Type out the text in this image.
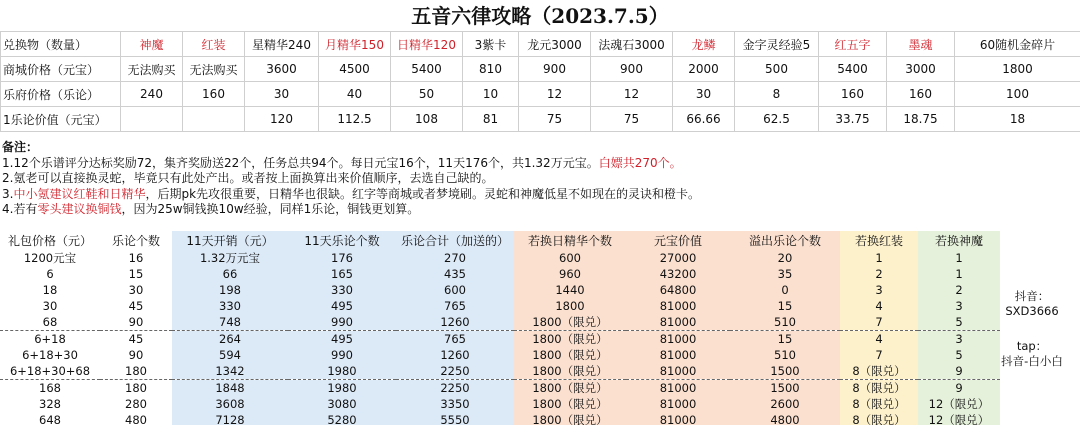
五音六律攻略（2023.7.5）
兑换物（数量）	神魔	红装	星精华240	月精华150	日精华120	3紫卡	龙元3000	法魂石3000	龙鳞	金字灵经验5	红五字	墨魂	60随机金碎片
商城价格（元宝）	无法购买	无法购买	3600	4500	5400	810	900	900	2000	500	5400	3000	1800
乐府价格（乐论）	240	160	30	40	50	10	12	12	30	8	160	160	100
1乐论价值（元宝）			120	112.5	108	81	75	75	66.66	62.5	33.75	18.75	18
备注：
1.12个乐谱评分达标奖励72，集齐奖励送22个，任务总共94个。每日元宝16个，11天176个，共1.32万元宝。白嫖共270个。
2.氪老可以直接换灵蛇，毕竟只有此处产出。或者按上面换算出来价值顺序，去选自己缺的。
3.中小氪建议红鞋和日精华，后期pk先攻很重要，日精华也很缺。红字等商城或者梦境刷。灵蛇和神魔低星不如现在的灵诀和橙卡。
4.若有零头建议换铜钱，因为25w铜钱换10w经验，同样1乐论，铜钱更划算。
礼包价格（元）	乐论个数	11天开销（元）	11天乐论个数	乐论合计（加送的）	若换日精华个数	元宝价值	溢出乐论个数	若换红装	若换神魔
1200元宝	16	1.32万元宝	176	270	600	27000	20	1	1
6	15	66	165	435	960	43200	35	2	1
18	30	198	330	600	1440	64800	0	3	2
30	45	330	495	765	1800	81000	15	4	3
68	90	748	990	1260	1800（限兑）	81000	510	7	5
6+18	45	264	495	765	1800（限兑）	81000	15	4	3
6+18+30	90	594	990	1260	1800（限兑）	81000	510	7	5
6+18+30+68	180	1342	1980	2250	1800（限兑）	81000	1500	8（限兑）	9
168	180	1848	1980	2250	1800（限兑）	81000	1500	8（限兑）	9
328	280	3608	3080	3350	1800（限兑）	81000	2600	8（限兑）	12（限兑）
648	480	7128	5280	5550	1800（限兑）	81000	4800	8（限兑）	12（限兑）
抖音：
SXD3666
tap：
抖音-白小白
